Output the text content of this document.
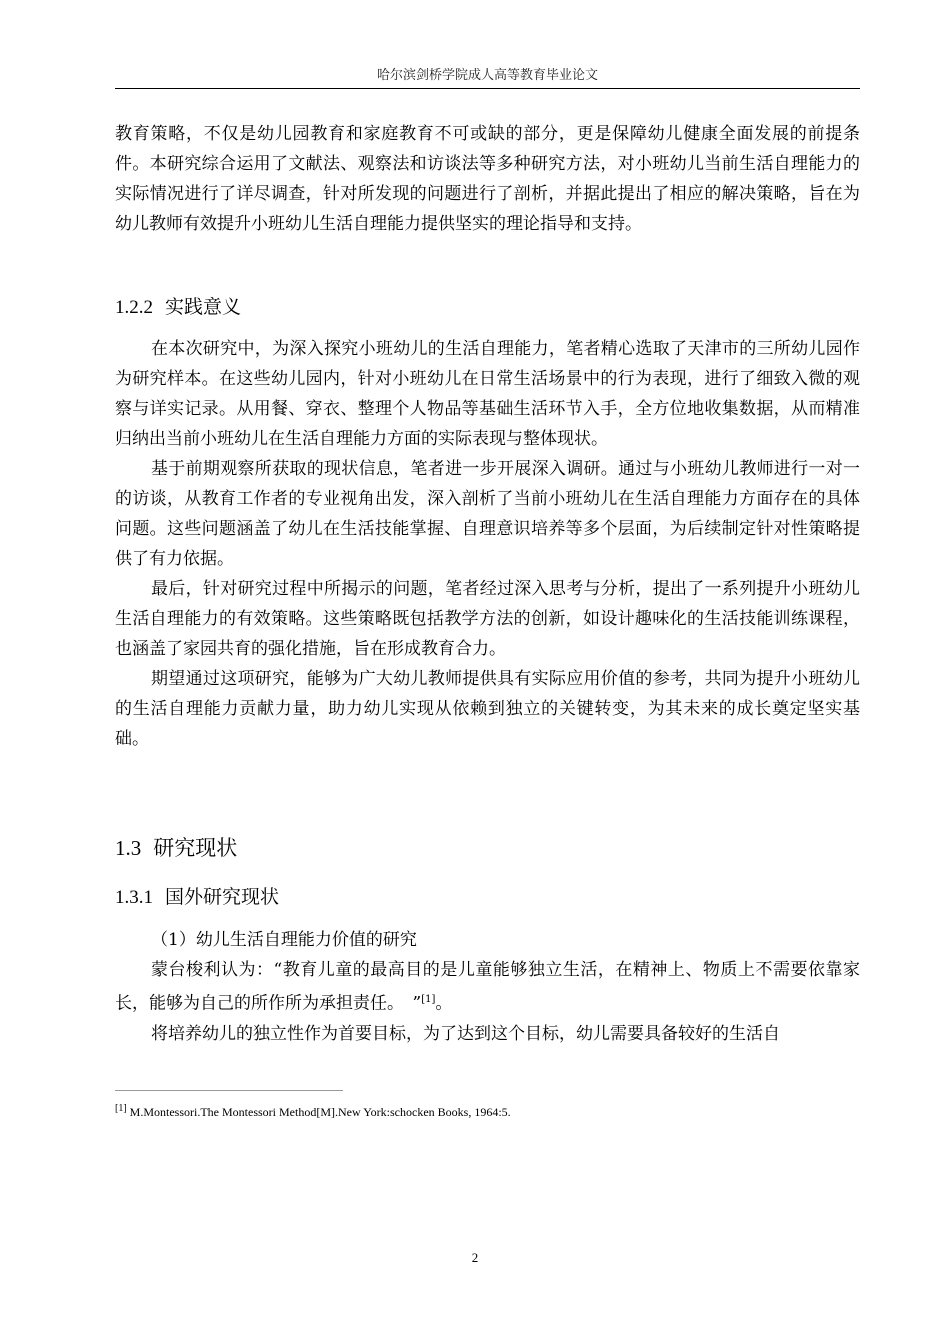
哈尔滨剑桥学院成人高等教育毕业论文

教育策略，不仅是幼儿园教育和家庭教育不可或缺的部分，更是保障幼儿健康全面发展的前提条件。本研究综合运用了文献法、观察法和访谈法等多种研究方法，对小班幼儿当前生活自理能力的实际情况进行了详尽调查，针对所发现的问题进行了剖析，并据此提出了相应的解决策略，旨在为幼儿教师有效提升小班幼儿生活自理能力提供坚实的理论指导和支持。

1.2.2 实践意义

在本次研究中，为深入探究小班幼儿的生活自理能力，笔者精心选取了天津市的三所幼儿园作为研究样本。在这些幼儿园内，针对小班幼儿在日常生活场景中的行为表现，进行了细致入微的观察与详实记录。从用餐、穿衣、整理个人物品等基础生活环节入手，全方位地收集数据，从而精准归纳出当前小班幼儿在生活自理能力方面的实际表现与整体现状。

基于前期观察所获取的现状信息，笔者进一步开展深入调研。通过与小班幼儿教师进行一对一的访谈，从教育工作者的专业视角出发，深入剖析了当前小班幼儿在生活自理能力方面存在的具体问题。这些问题涵盖了幼儿在生活技能掌握、自理意识培养等多个层面，为后续制定针对性策略提供了有力依据。

最后，针对研究过程中所揭示的问题，笔者经过深入思考与分析，提出了一系列提升小班幼儿生活自理能力的有效策略。这些策略既包括教学方法的创新，如设计趣味化的生活技能训练课程，也涵盖了家园共育的强化措施，旨在形成教育合力。

期望通过这项研究，能够为广大幼儿教师提供具有实际应用价值的参考，共同为提升小班幼儿的生活自理能力贡献力量，助力幼儿实现从依赖到独立的关键转变，为其未来的成长奠定坚实基础。

1.3 研究现状
1.3.1 国外研究现状

（1）幼儿生活自理能力价值的研究

蒙台梭利认为：“教育儿童的最高目的是儿童能够独立生活，在精神上、物质上不需要依靠家长，能够为自己的所作所为承担责任。　”[1]。

将培养幼儿的独立性作为首要目标，为了达到这个目标，幼儿需要具备较好的生活自

[1] M.Montessori.The Montessori Method[M].New York:schocken Books, 1964:5.
2
